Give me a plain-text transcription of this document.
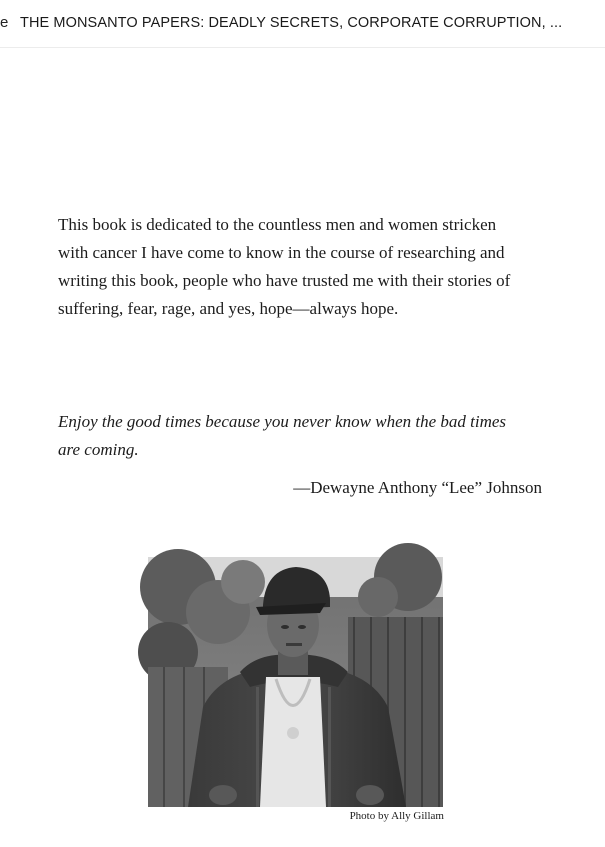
e THE MONSANTO PAPERS: DEADLY SECRETS, CORPORATE CORRUPTION, ...

This book is dedicated to the countless men and women stricken
with cancer I have come to know in the course of researching and
writing this book, people who have trusted me with their stories of
suffering, fear, rage, and yes, hope—always hope.

Enjoy the good times because you never know when the bad times
are coming.

—Dewayne Anthony “Lee” Johnson
Photo by Ally Gillam
